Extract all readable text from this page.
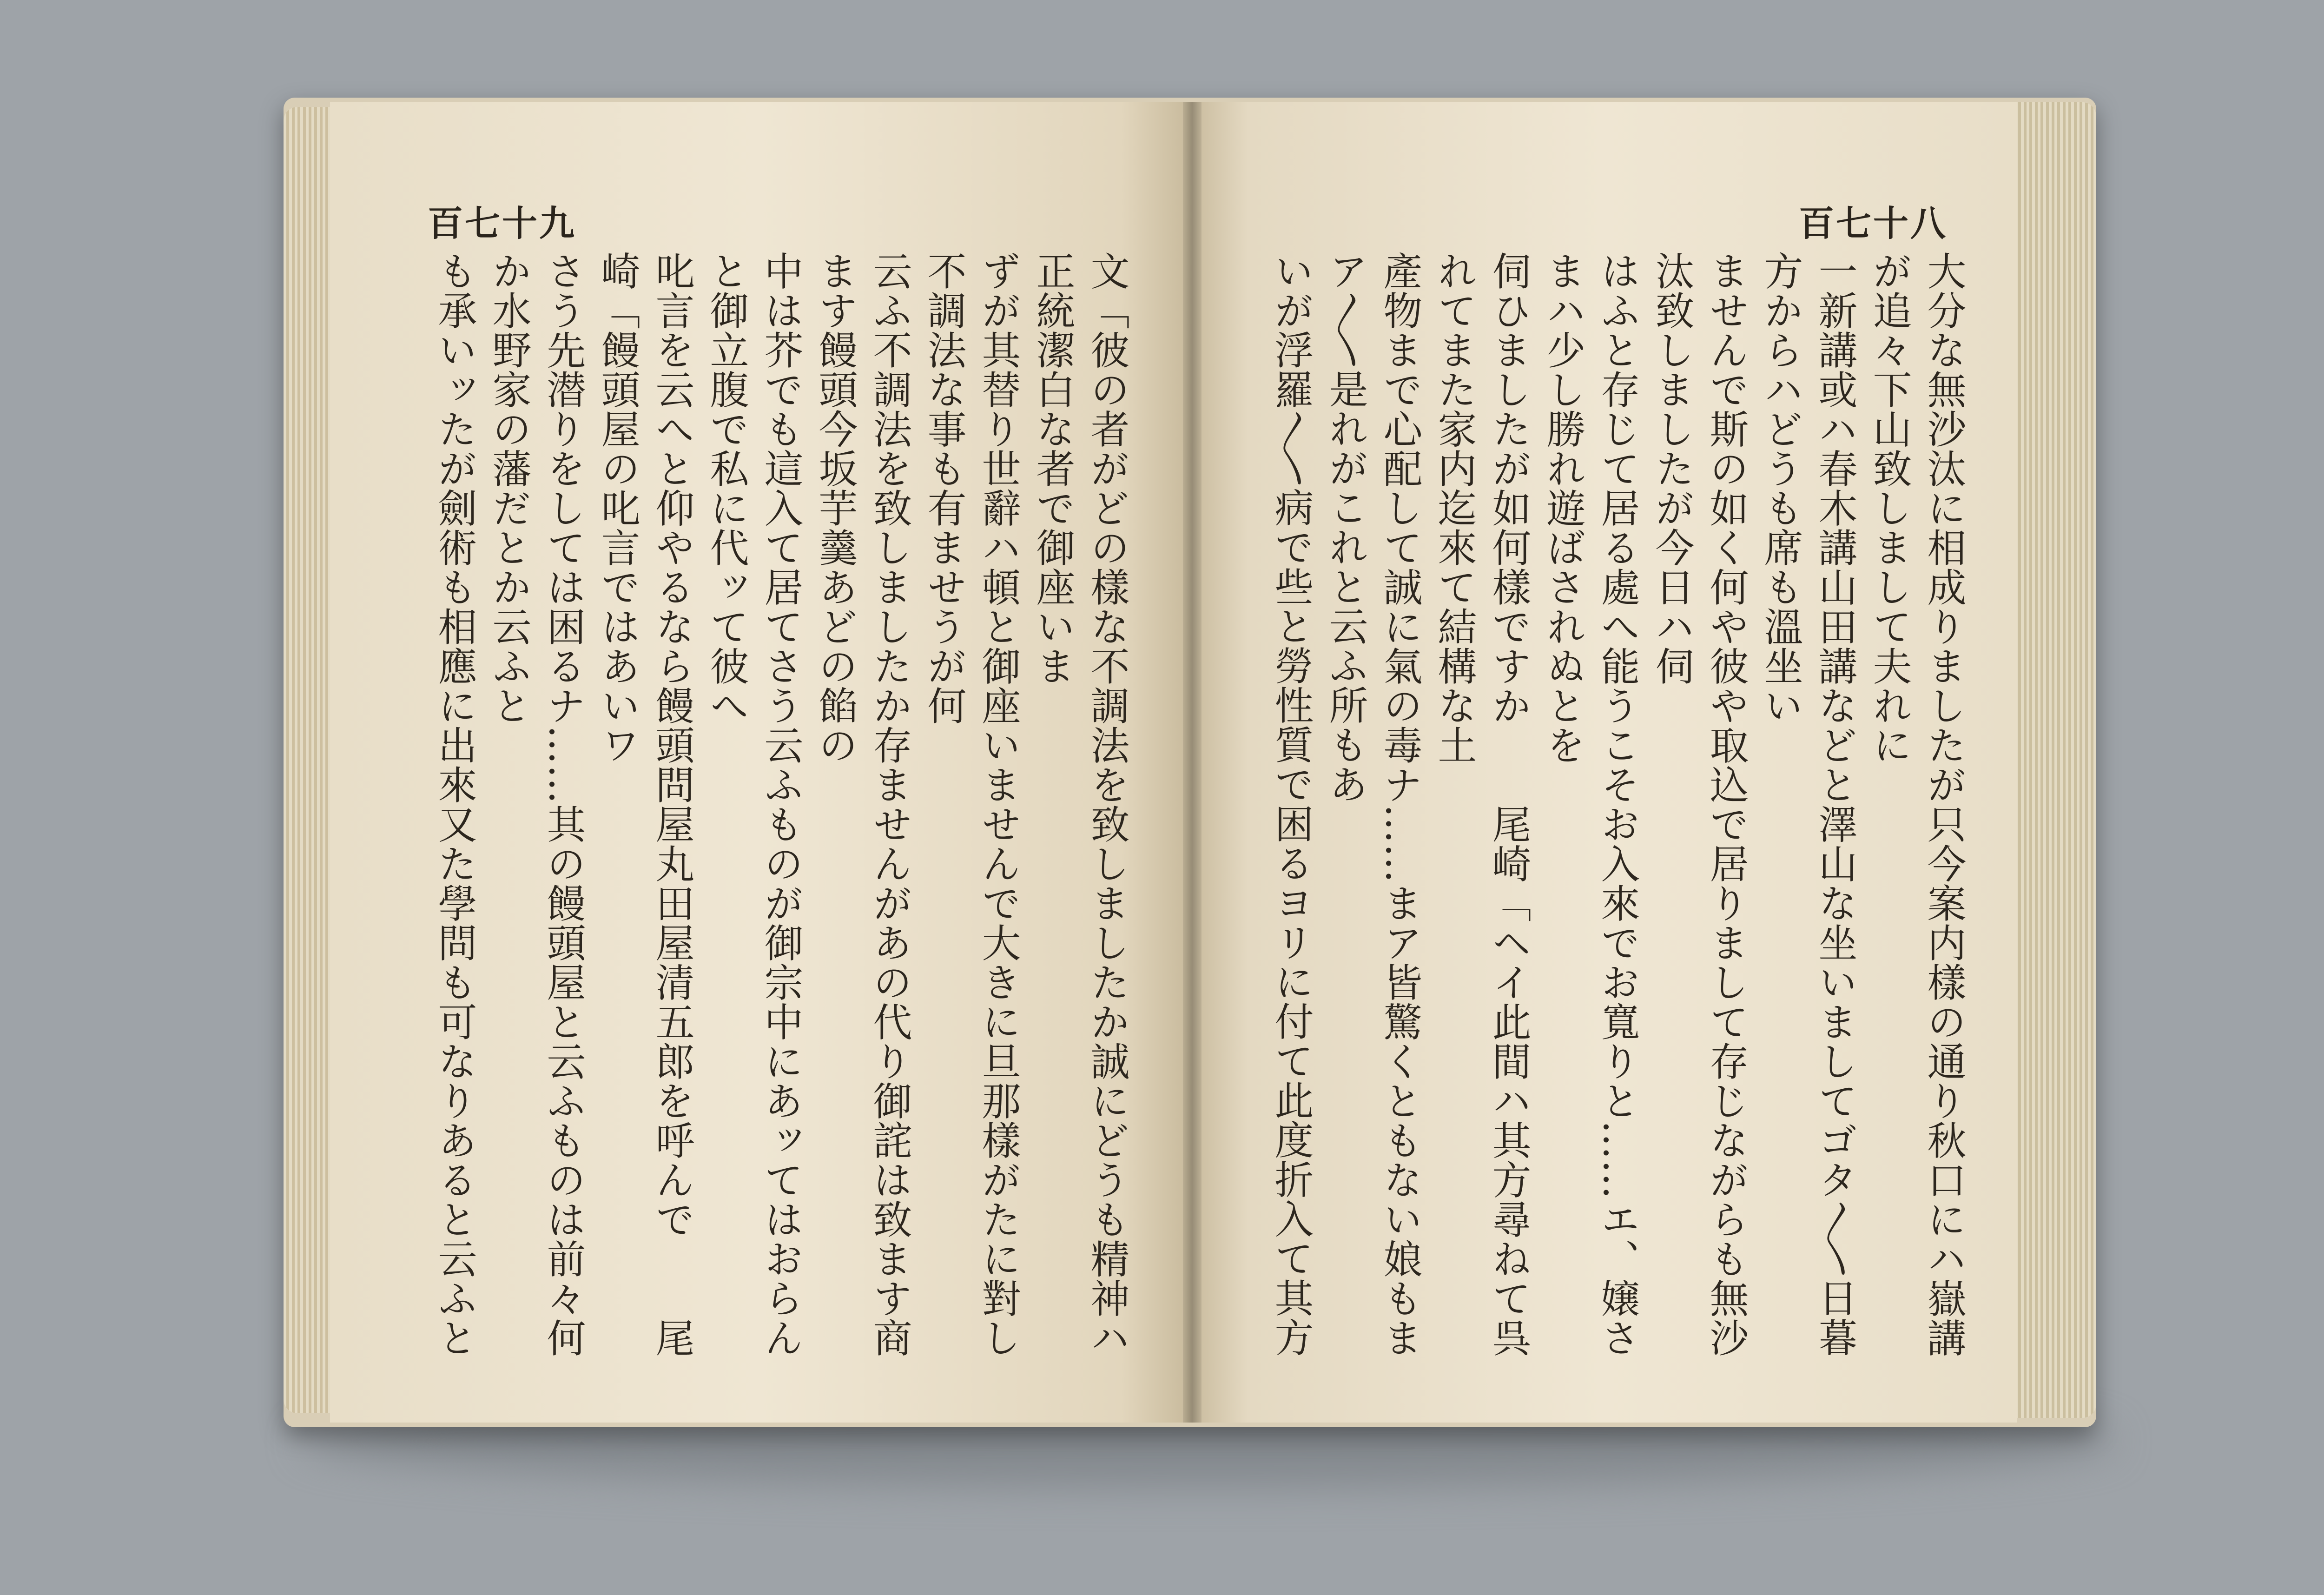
百七十九

文「彼の者がどの樣な不調法を致しましたか誠にどうも精神ハ正統潔白な者で御座いま

ずが其替り世辭ハ頓と御座いませんで大きに旦那樣がたに對し不調法な事も有ませうが何

云ふ不調法を致しましたか存ませんがあの代り御詫は致ます商ます饅頭今坂芋羹あどの餡の

中は芥でも這入て居てさう云ふものが御宗中にあッてはおらんと御立腹で私に代ッて彼へ

叱言を云へと仰やるなら饅頭問屋丸田屋清五郎を呼んで　　尾崎「饅頭屋の叱言ではあいワ

さう先潜りをしては困るナ……其の饅頭屋と云ふものは前々何か水野家の藩だとか云ふと

も承いッたが劍術も相應に出來又た學問も可なりあると云ふと

百七十八

大分な無沙汰に相成りましたが只今案内樣の通り秋口にハ嶽講が追々下山致しまして夫れに

一新講或ハ春木講山田講などと澤山な坐いましてゴタ〳〵日暮方からハどうも席も溫坐い

ませんで斯の如く何や彼や取込で居りまして存じながらも無沙汰致しましたが今日ハ伺

はふと存じて居る處へ能うこそお入來でお寬りと……エ、嬢さまハ少し勝れ遊ばされぬとを

伺ひましたが如何樣ですか　　尾崎「ヘイ此間ハ其方尋ねて呉れてまた家内迄來て結構な土

產物まで心配して誠に氣の毒ナ……まア皆驚くともない娘もまア〳〵是れがこれと云ふ所もあ

いが浮羅〳〵病で些と勞性質で困るヨリに付て此度折入て其方
